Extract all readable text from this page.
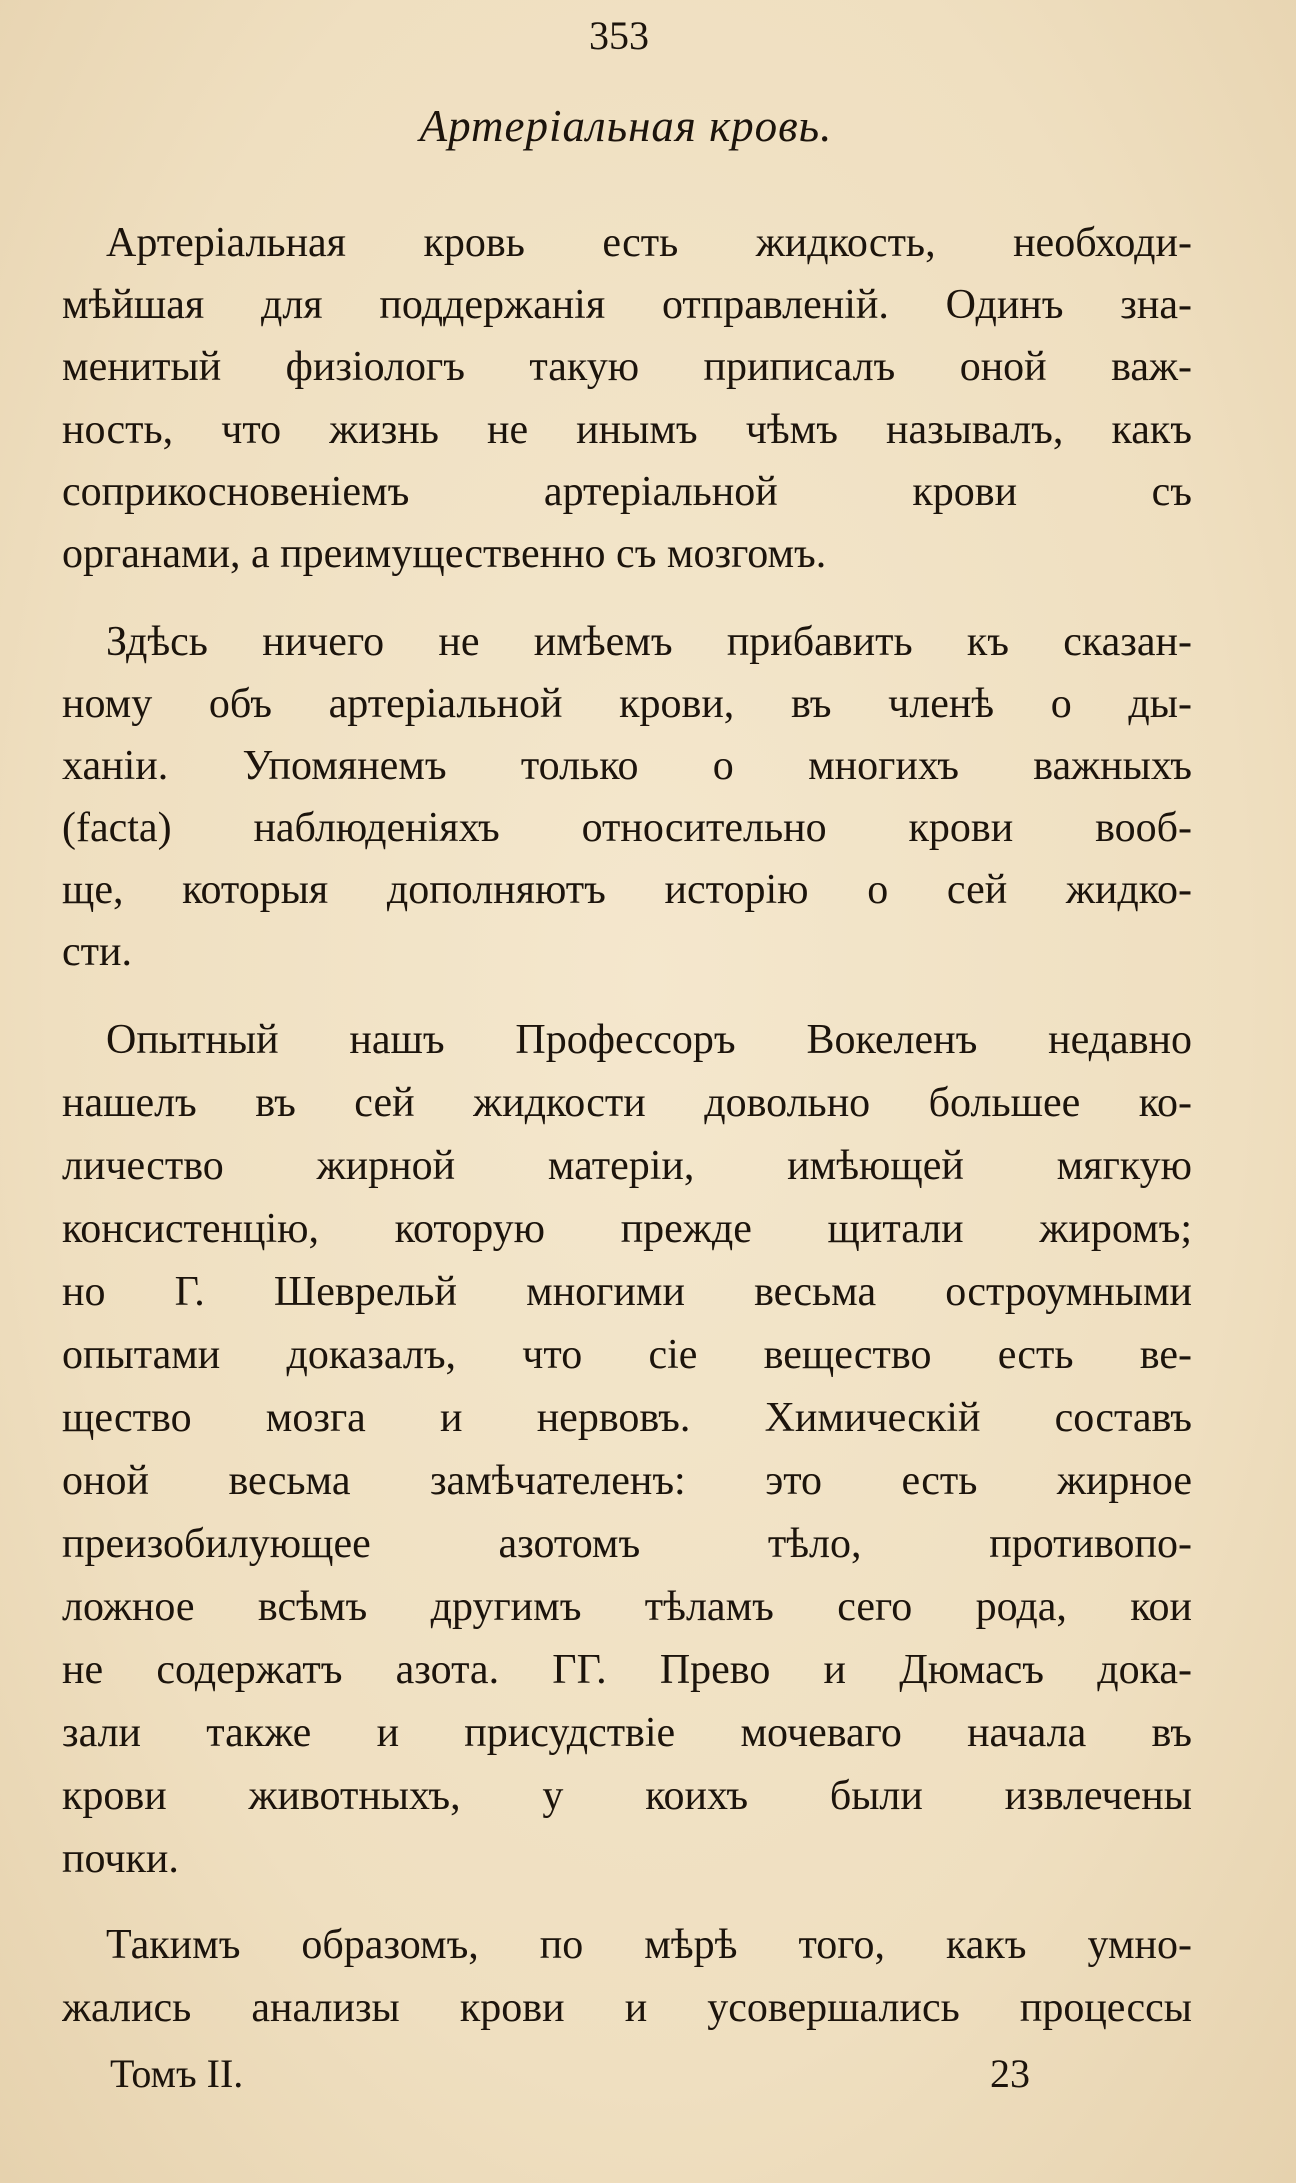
353
Артеріальная кровь.
Артеріальная кровь есть жидкость, необходи-
мѣйшая для поддержанія отправленій. Одинъ зна-
менитый физіологъ такую приписалъ оной важ-
ность, что жизнь не инымъ чѣмъ называлъ, какъ
соприкосновеніемъ артеріальной крови съ
органами, а преимущественно съ мозгомъ.
Здѣсь ничего не имѣемъ прибавить къ сказан-
ному объ артеріальной крови, въ членѣ о ды-
ханіи. Упомянемъ только о многихъ важныхъ
(facta) наблюденіяхъ относительно крови вооб-
ще, которыя дополняютъ исторію о сей жидко-
сти.
Опытный нашъ Профессоръ Вокеленъ недавно
нашелъ въ сей жидкости довольно большее ко-
личество жирной матеріи, имѣющей мягкую
консистенцію, которую прежде щитали жиромъ;
но Г. Шеврельй многими весьма остроумными
опытами доказалъ, что сіе вещество есть ве-
щество мозга и нервовъ. Химическій составъ
оной весьма замѣчателенъ: это есть жирное
преизобилующее азотомъ тѣло, противопо-
ложное всѣмъ другимъ тѣламъ сего рода, кои
не содержатъ азота. ГГ. Прево и Дюмасъ дока-
зали также и присудствіе мочеваго начала въ
крови животныхъ, у коихъ были извлечены
почки.
Такимъ образомъ, по мѣрѣ того, какъ умно-
жались анализы крови и усовершались процессы
Томъ II.	23
